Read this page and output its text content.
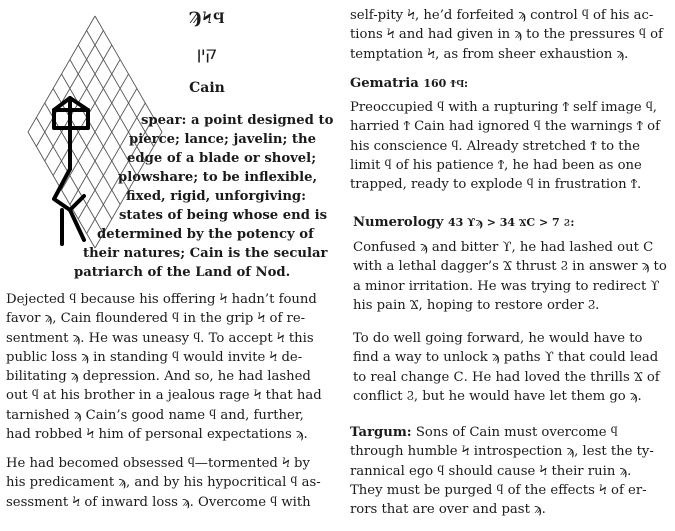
ϠϞϤ
קין
Cain
spear: a point designed to
pierce; lance; javelin; the
edge of a blade or shovel;
plowshare; to be inflexible,
fixed, rigid, unforgiving:
states of being whose end is
determined by the potency of
their natures; Cain is the secular
patriarch of the Land of Nod.
Dejected ϥ because his offering Ϟ hadn’t found
favor ϡ, Cain floundered ϥ in the grip Ϟ of re-
sentment ϡ. He was uneasy ϥ. To accept Ϟ this
public loss ϡ in standing ϥ would invite Ϟ de-
bilitating ϡ depression. And so, he had lashed
out ϥ at his brother in a jealous rage Ϟ that had
tarnished ϡ Cain’s good name ϥ and, further,
had robbed Ϟ him of personal expectations ϡ.
He had becomed obsessed ϥ—tormented Ϟ by
his predicament ϡ, and by his hypocritical ϥ as-
sessment Ϟ of inward loss ϡ. Overcome ϥ with
self-pity Ϟ, he’d forfeited ϡ control ϥ of his ac-
tions Ϟ and had given in ϡ to the pressures ϥ of
temptation Ϟ, as from sheer exhaustion ϡ.
Gematria 160 ϮϤ:
Preoccupied ϥ with a rupturing Ϯ self image ϥ,
harried Ϯ Cain had ignored ϥ the warnings Ϯ of
his conscience ϥ. Already stretched Ϯ to the
limit ϥ of his patience Ϯ, he had been as one
trapped, ready to explode ϥ in frustration Ϯ.
Numerology 43 ϒϡ > 34 ϪϹ > 7 Ϩ:
Confused ϡ and bitter ϒ, he had lashed out Ϲ
with a lethal dagger’s Ϫ thrust Ϩ in answer ϡ to
a minor irritation. He was trying to redirect ϒ
his pain Ϫ, hoping to restore order Ϩ.
To do well going forward, he would have to
find a way to unlock ϡ paths ϒ that could lead
to real change Ϲ. He had loved the thrills Ϫ of
conflict Ϩ, but he would have let them go ϡ.
Targum: Sons of Cain must overcome ϥ
through humble Ϟ introspection ϡ, lest the ty-
rannical ego ϥ should cause Ϟ their ruin ϡ.
They must be purged ϥ of the effects Ϟ of er-
rors that are over and past ϡ.
